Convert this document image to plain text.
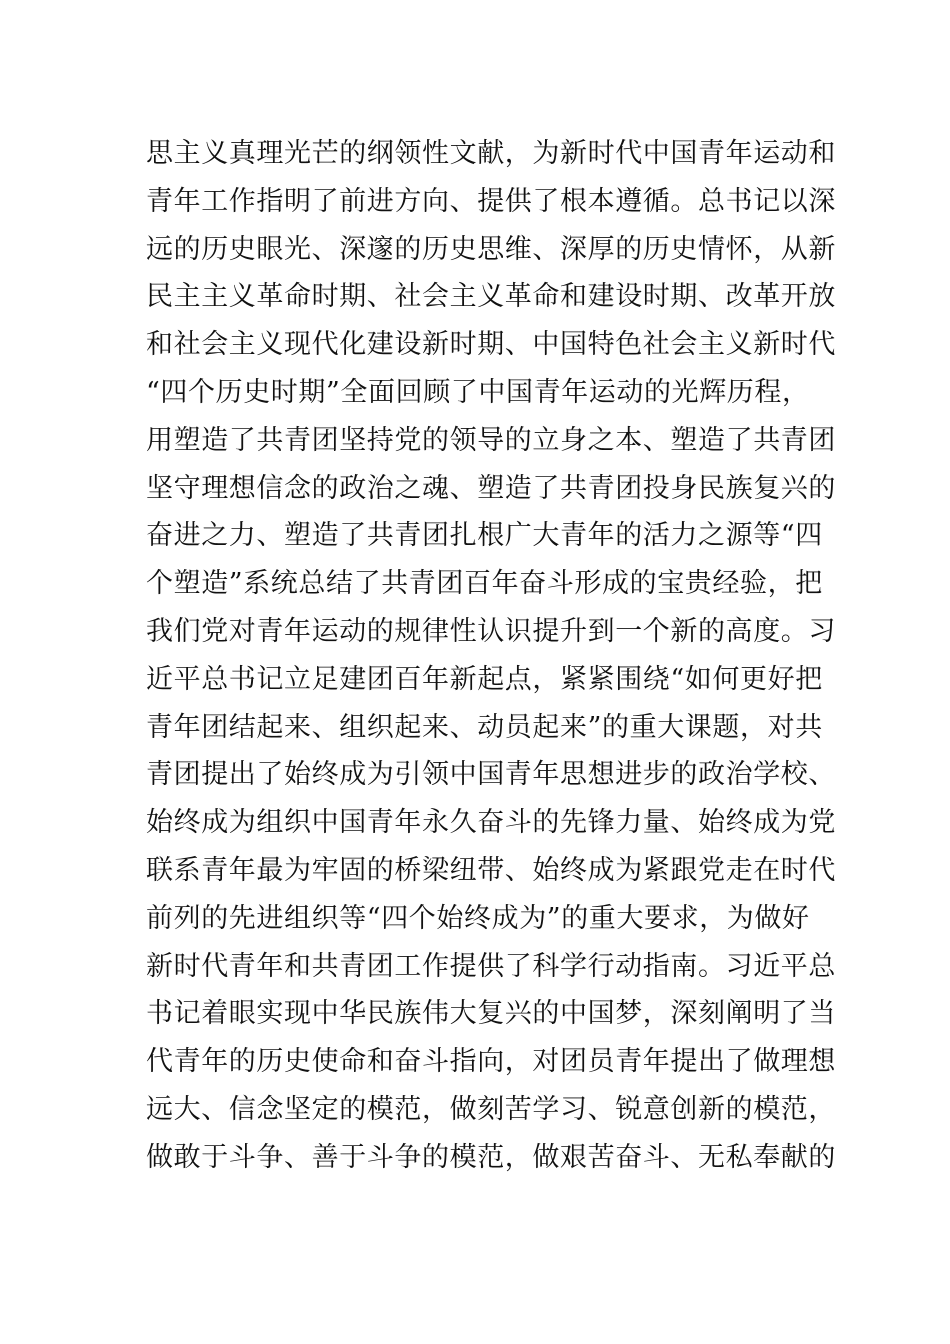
思主义真理光芒的纲领性文献，为新时代中国青年运动和
青年工作指明了前进方向、提供了根本遵循。总书记以深
远的历史眼光、深邃的历史思维、深厚的历史情怀，从新
民主主义革命时期、社会主义革命和建设时期、改革开放
和社会主义现代化建设新时期、中国特色社会主义新时代
“四个历史时期”全面回顾了中国青年运动的光辉历程，
用塑造了共青团坚持党的领导的立身之本、塑造了共青团
坚守理想信念的政治之魂、塑造了共青团投身民族复兴的
奋进之力、塑造了共青团扎根广大青年的活力之源等“四
个塑造”系统总结了共青团百年奋斗形成的宝贵经验，把
我们党对青年运动的规律性认识提升到一个新的高度。习
近平总书记立足建团百年新起点，紧紧围绕“如何更好把
青年团结起来、组织起来、动员起来”的重大课题，对共
青团提出了始终成为引领中国青年思想进步的政治学校、
始终成为组织中国青年永久奋斗的先锋力量、始终成为党
联系青年最为牢固的桥梁纽带、始终成为紧跟党走在时代
前列的先进组织等“四个始终成为”的重大要求，为做好
新时代青年和共青团工作提供了科学行动指南。习近平总
书记着眼实现中华民族伟大复兴的中国梦，深刻阐明了当
代青年的历史使命和奋斗指向，对团员青年提出了做理想
远大、信念坚定的模范，做刻苦学习、锐意创新的模范，
做敢于斗争、善于斗争的模范，做艰苦奋斗、无私奉献的
